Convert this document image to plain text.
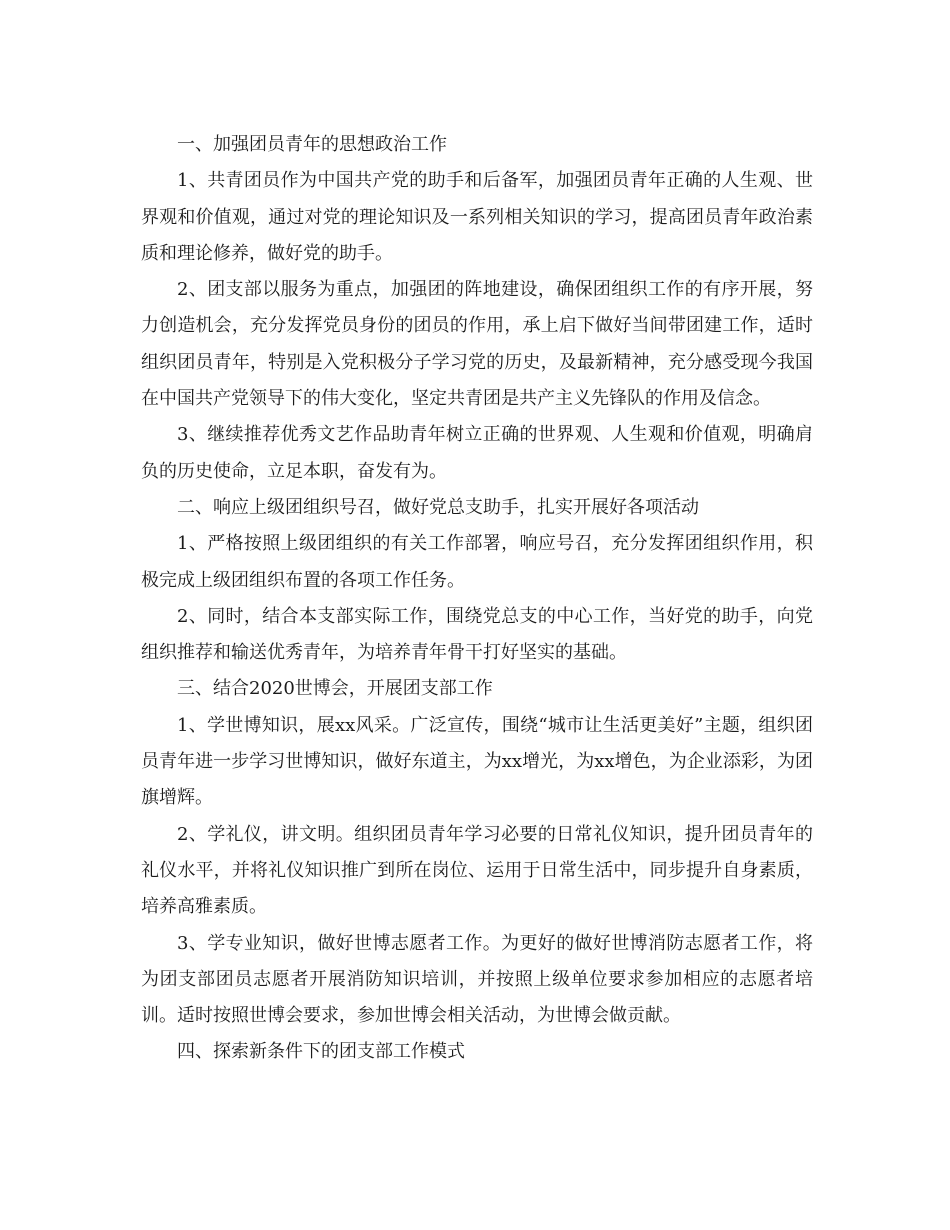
一、加强团员青年的思想政治工作

1、共青团员作为中国共产党的助手和后备军，加强团员青年正确的人生观、世界观和价值观，通过对党的理论知识及一系列相关知识的学习，提高团员青年政治素质和理论修养，做好党的助手。

2、团支部以服务为重点，加强团的阵地建设，确保团组织工作的有序开展，努力创造机会，充分发挥党员身份的团员的作用，承上启下做好当间带团建工作，适时组织团员青年，特别是入党积极分子学习党的历史，及最新精神，充分感受现今我国在中国共产党领导下的伟大变化，坚定共青团是共产主义先锋队的作用及信念。

3、继续推荐优秀文艺作品助青年树立正确的世界观、人生观和价值观，明确肩负的历史使命，立足本职，奋发有为。

二、响应上级团组织号召，做好党总支助手，扎实开展好各项活动

1、严格按照上级团组织的有关工作部署，响应号召，充分发挥团组织作用，积极完成上级团组织布置的各项工作任务。

2、同时，结合本支部实际工作，围绕党总支的中心工作，当好党的助手，向党组织推荐和输送优秀青年，为培养青年骨干打好坚实的基础。

三、结合2020世博会，开展团支部工作

1、学世博知识，展xx风采。广泛宣传，围绕“城市让生活更美好”主题，组织团员青年进一步学习世博知识，做好东道主，为xx增光，为xx增色，为企业添彩，为团旗增辉。

2、学礼仪，讲文明。组织团员青年学习必要的日常礼仪知识，提升团员青年的礼仪水平，并将礼仪知识推广到所在岗位、运用于日常生活中，同步提升自身素质，培养高雅素质。

3、学专业知识，做好世博志愿者工作。为更好的做好世博消防志愿者工作，将为团支部团员志愿者开展消防知识培训，并按照上级单位要求参加相应的志愿者培训。适时按照世博会要求，参加世博会相关活动，为世博会做贡献。

四、探索新条件下的团支部工作模式
